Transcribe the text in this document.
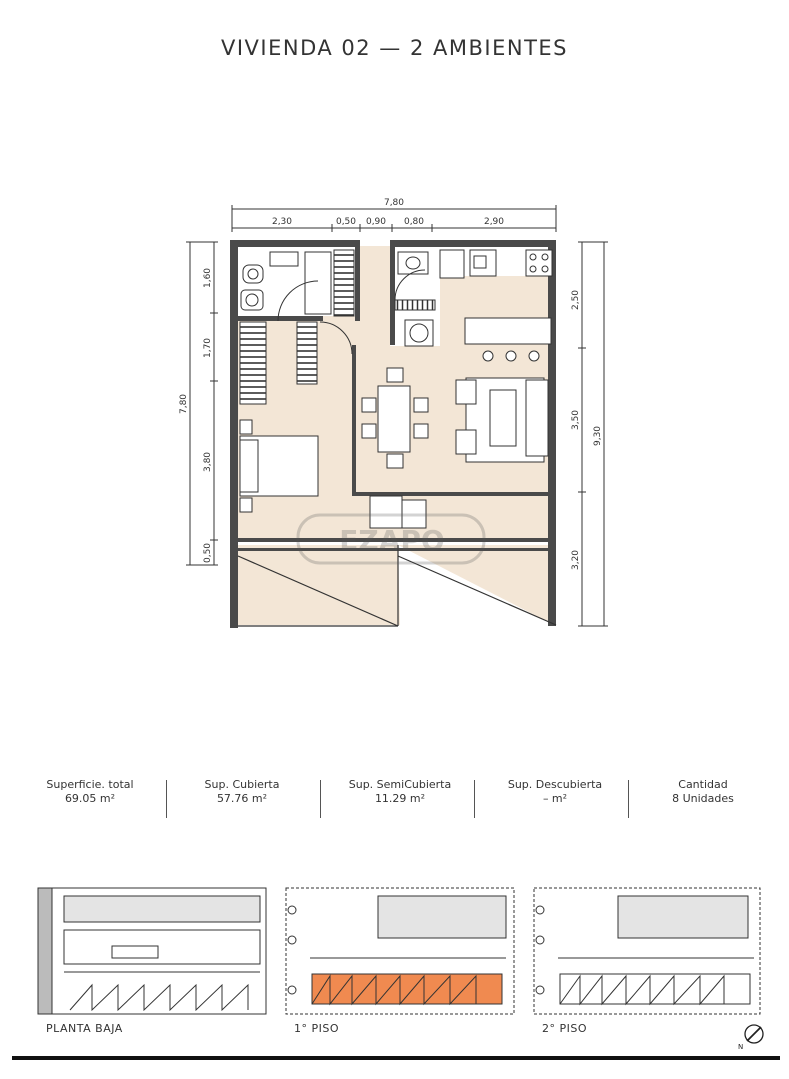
VIVIENDA 02 — 2 AMBIENTES
EZAPO
7,80
2,30	0,50 0,90 0,80	2,90
7,80
1,60
1,70
3,80
0,50
2,50
3,50
3,20
9,30
Superficie. total
69.05 m²
Sup. Cubierta
57.76 m²
Sup. SemiCubierta
11.29 m²
Sup. Descubierta
– m²
Cantidad
8 Unidades
PLANTA BAJA	1° PISO	2° PISO
N
